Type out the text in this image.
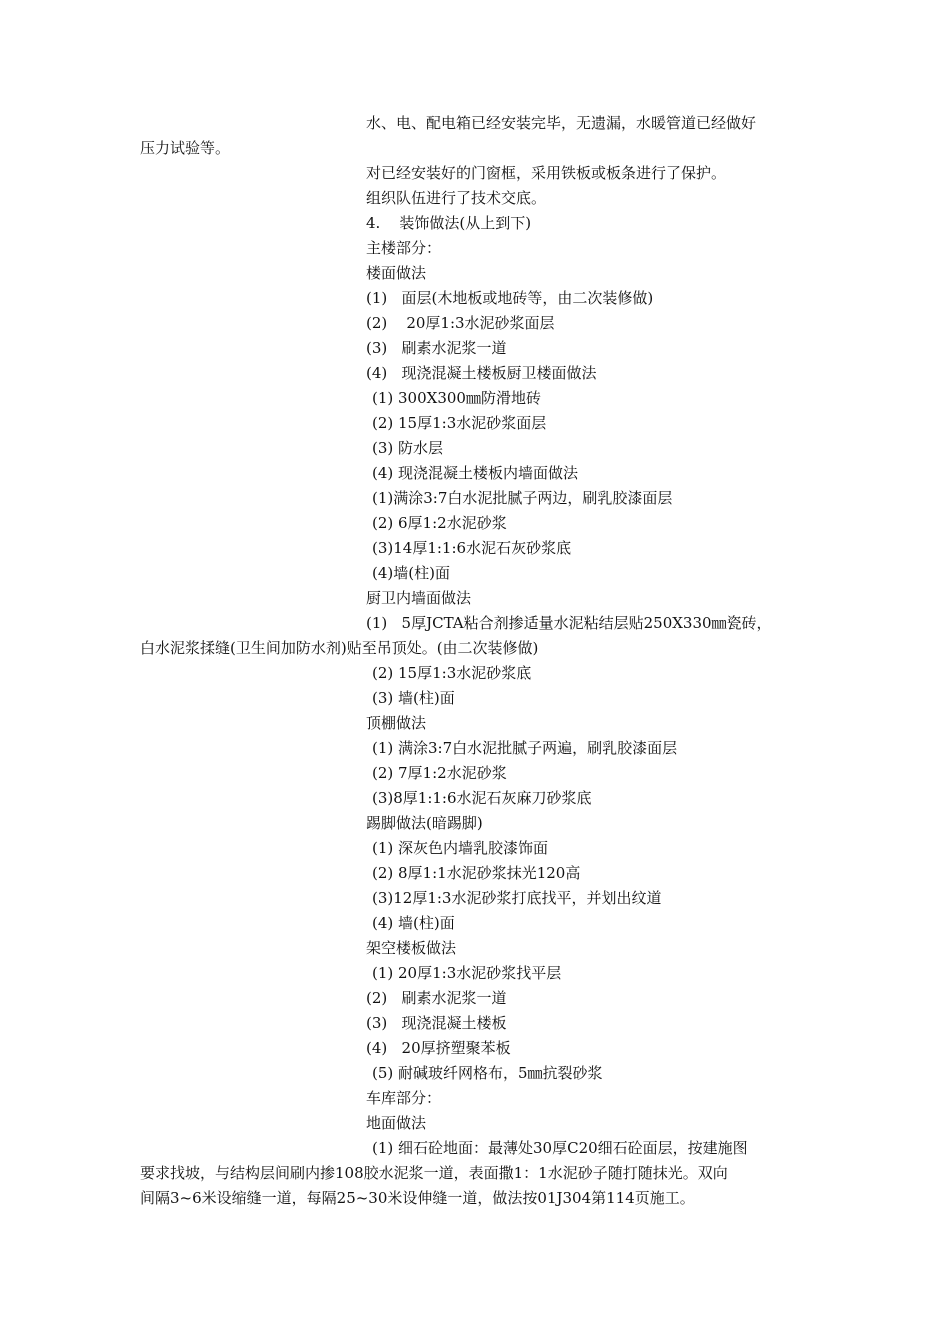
水、电、配电箱已经安装完毕，无遗漏，水暖管道已经做好
压力试验等。
对已经安装好的门窗框，采用铁板或板条进行了保护。
组织队伍进行了技术交底。
4.    装饰做法(从上到下)
主楼部分：
楼面做法
(1)   面层(木地板或地砖等，由二次装修做)
(2)    20厚1:3水泥砂浆面层
(3)   刷素水泥浆一道
(4)   现浇混凝土楼板厨卫楼面做法
(1) 300X300㎜防滑地砖
(2) 15厚1:3水泥砂浆面层
(3) 防水层
(4) 现浇混凝土楼板内墙面做法
(1)满涂3:7白水泥批腻子两边，刷乳胶漆面层
(2) 6厚1:2水泥砂浆
(3)14厚1:1:6水泥石灰砂浆底
(4)墙(柱)面
厨卫内墙面做法
(1)   5厚JCTA粘合剂掺适量水泥粘结层贴250X330㎜瓷砖，
白水泥浆揉缝(卫生间加防水剂)贴至吊顶处。(由二次装修做)
(2) 15厚1:3水泥砂浆底
(3) 墙(柱)面
顶棚做法
(1) 满涂3:7白水泥批腻子两遍，刷乳胶漆面层
(2) 7厚1:2水泥砂浆
(3)8厚1:1:6水泥石灰麻刀砂浆底
踢脚做法(暗踢脚)
(1) 深灰色内墙乳胶漆饰面
(2) 8厚1:1水泥砂浆抹光120高
(3)12厚1:3水泥砂浆打底找平，并划出纹道
(4) 墙(柱)面
架空楼板做法
(1) 20厚1:3水泥砂浆找平层
(2)   刷素水泥浆一道
(3)   现浇混凝土楼板
(4)   20厚挤塑聚苯板
(5) 耐碱玻纤网格布，5㎜抗裂砂浆
车库部分：
地面做法
(1) 细石砼地面：最薄处30厚C20细石砼面层，按建施图
要求找坡，与结构层间刷内掺108胶水泥浆一道，表面撒1：1水泥砂子随打随抹光。双向
间隔3~6米设缩缝一道，每隔25~30米设伸缝一道，做法按01J304第114页施工。
